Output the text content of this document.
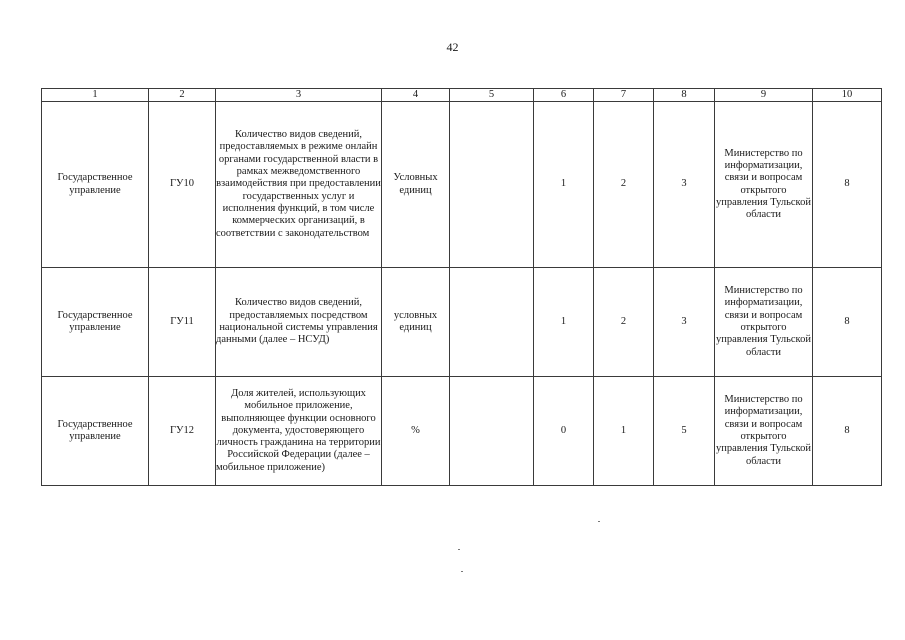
42
1	2	3	4	5	6	7	8	9	10
Государственное управление	ГУ10	Количество видов сведений, предоставляемых в режиме онлайн органами государственной власти в рамках межведомственного взаимодействия при предоставлении государственных услуг и исполнения функций, в том числе коммерческих организаций, в соответствии с законодательством	Условных единиц		1	2	3	Министерство по информатизации, связи и вопросам открытого управления Тульской области	8
Государственное управление	ГУ11	Количество видов сведений, предоставляемых посредством национальной системы управления данными (далее – НСУД)	условных единиц		1	2	3	Министерство по информатизации, связи и вопросам открытого управления Тульской области	8
Государственное управление	ГУ12	Доля жителей, использующих мобильное приложение, выполняющее функции основного документа, удостоверяющего личность гражданина на территории Российской Федерации (далее – мобильное приложение)	%		0	1	5	Министерство по информатизации, связи и вопросам открытого управления Тульской области	8
